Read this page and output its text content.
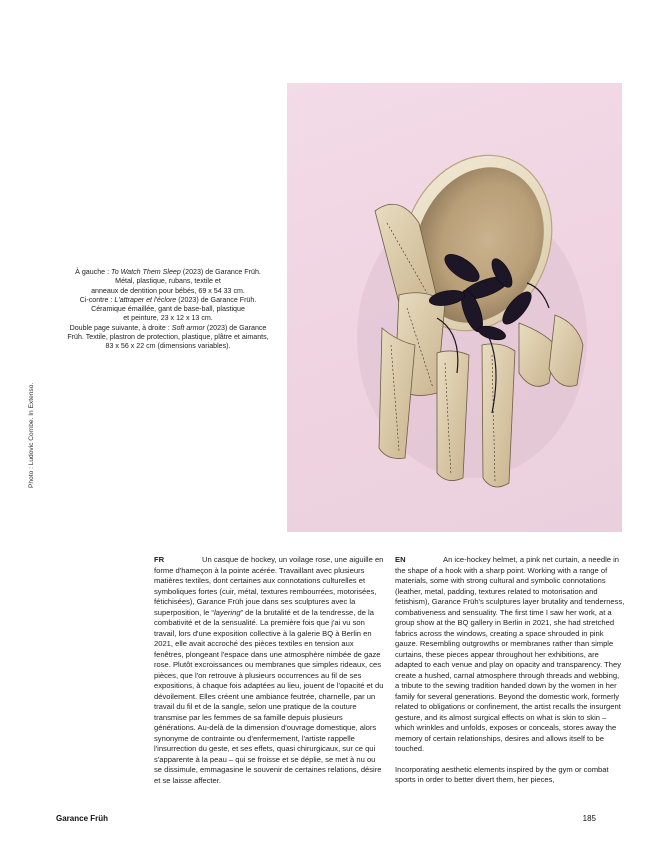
À gauche : To Watch Them Sleep (2023) de Garance Früh.

Métal, plastique, rubans, textile et

anneaux de dentition pour bébés, 69 x 54 33 cm.

Ci-contre : L'attraper et l'éclore (2023) de Garance Früh.

Céramique émaillée, gant de base-ball, plastique

et peinture, 23 x 12 x 13 cm.

Double page suivante, à droite : Soft armor (2023) de Garance

Früh. Textile, plastron de protection, plastique, plâtre et aimants,

83 x 56 x 22 cm (dimensions variables).

Photo : Ludovic Combe. In Extenso.

FR	Un casque de hockey, un voilage rose, une aiguille en forme d'hameçon à la pointe acérée. Travaillant avec plusieurs matières textiles, dont certaines aux connotations culturelles et symboliques fortes (cuir, métal, textures rembourrées, motorisées, fétichisées), Garance Früh joue dans ses sculptures avec la superposition, le “layering” de la brutalité et de la tendresse, de la combativité et de la sensualité. La première fois que j'ai vu son travail, lors d'une exposition collective à la galerie BQ à Berlin en 2021, elle avait accroché des pièces textiles en tension aux fenêtres, plongeant l'espace dans une atmosphère nimbée de gaze rose. Plutôt excroissances ou membranes que simples rideaux, ces pièces, que l'on retrouve à plusieurs occurrences au fil de ses expositions, à chaque fois adaptées au lieu, jouent de l'opacité et du dévoilement. Elles créent une ambiance feutrée, charnelle, par un travail du fil et de la sangle, selon une pratique de la couture transmise par les femmes de sa famille depuis plusieurs générations. Au-delà de la dimension d'ouvrage domestique, alors synonyme de contrainte ou d'enfermement, l'artiste rappelle l'insurrection du geste, et ses effets, quasi chirurgicaux, sur ce qui s'apparente à la peau – qui se froisse et se déplie, se met à nu ou se dissimule, emmagasine le souvenir de certaines relations, désire et se laisse affecter.

EN	An ice-hockey helmet, a pink net curtain, a needle in the shape of a hook with a sharp point. Working with a range of materials, some with strong cultural and symbolic connotations (leather, metal, padding, textures related to motorisation and fetishism), Garance Früh's sculptures layer brutality and tenderness, combativeness and sensuality. The first time I saw her work, at a group show at the BQ gallery in Berlin in 2021, she had stretched fabrics across the windows, creating a space shrouded in pink gauze. Resembling outgrowths or membranes rather than simple curtains, these pieces appear throughout her exhibitions, are adapted to each venue and play on opacity and transparency. They create a hushed, carnal atmosphere through threads and webbing, a tribute to the sewing tradition handed down by the women in her family for several generations. Beyond the domestic work, formerly related to obligations or confinement, the artist recalls the insurgent gesture, and its almost surgical effects on what is skin to skin – which wrinkles and unfolds, exposes or conceals, stores away the memory of certain relationships, desires and allows itself to be touched.

Incorporating aesthetic elements inspired by the gym or combat sports in order to better divert them, her pieces,

Garance Früh	185
